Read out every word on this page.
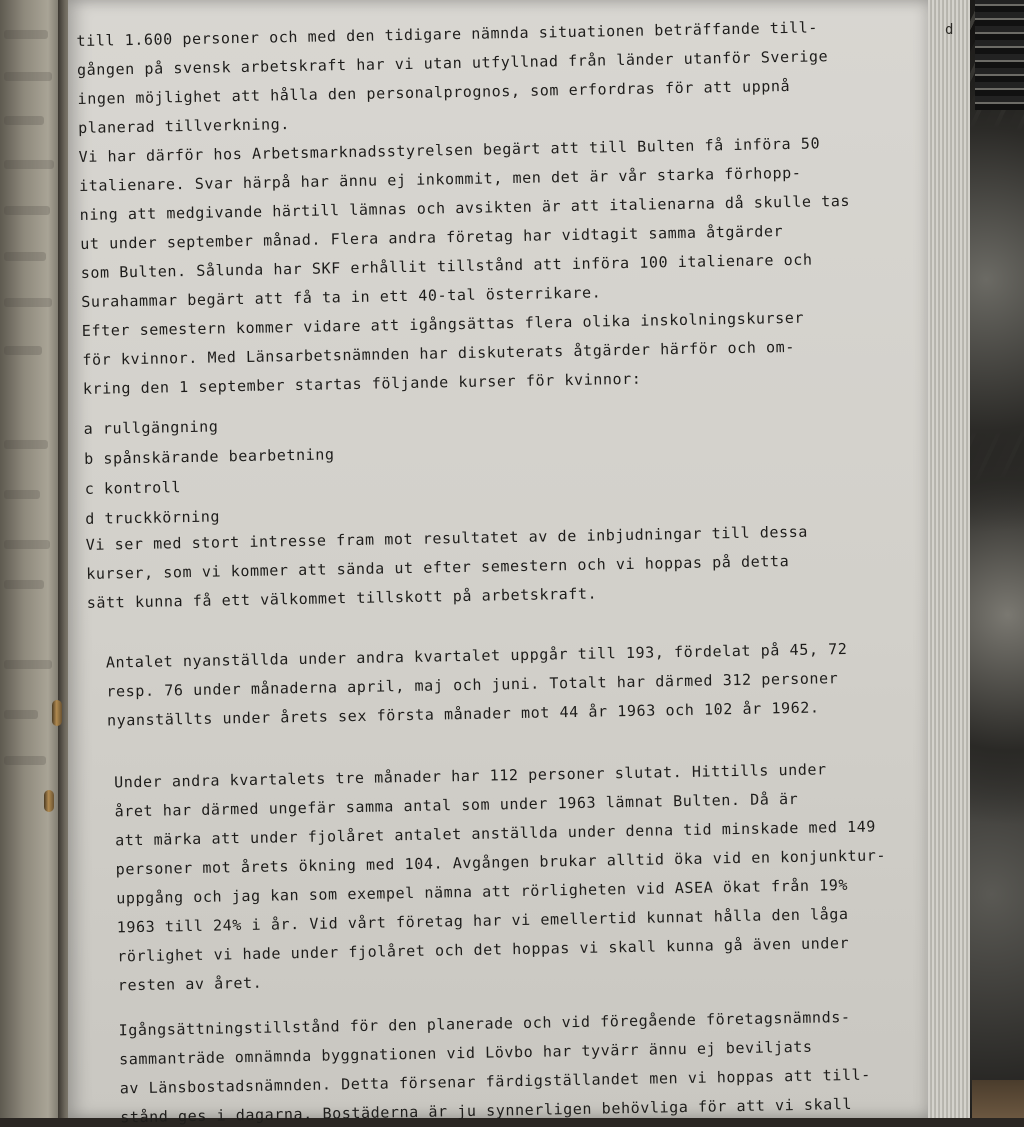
d
till 1.600 personer och med den tidigare nämnda situationen beträffande till-
gången på svensk arbetskraft har vi utan utfyllnad från länder utanför Sverige
ingen möjlighet att hålla den personalprognos, som erfordras för att uppnå
planerad tillverkning.
Vi har därför hos Arbetsmarknadsstyrelsen begärt att till Bulten få införa 50
italienare. Svar härpå har ännu ej inkommit, men det är vår starka förhopp-
ning att medgivande härtill lämnas och avsikten är att italienarna då skulle tas
ut under september månad. Flera andra företag har vidtagit samma åtgärder
som Bulten. Sålunda har SKF erhållit tillstånd att införa 100 italienare och
Surahammar begärt att få ta in ett 40-tal österrikare.
Efter semestern kommer vidare att igångsättas flera olika inskolningskurser
för kvinnor. Med Länsarbetsnämnden har diskuterats åtgärder härför och om-
kring den 1 september startas följande kurser för kvinnor:
a rullgängning
b spånskärande bearbetning
c kontroll
d truckkörning
Vi ser med stort intresse fram mot resultatet av de inbjudningar till dessa
kurser, som vi kommer att sända ut efter semestern och vi hoppas på detta
sätt kunna få ett välkommet tillskott på arbetskraft.
Antalet nyanställda under andra kvartalet uppgår till 193, fördelat på 45, 72
resp. 76 under månaderna april, maj och juni. Totalt har därmed 312 personer
nyanställts under årets sex första månader mot 44 år 1963 och 102 år 1962.
Under andra kvartalets tre månader har 112 personer slutat. Hittills under
året har därmed ungefär samma antal som under 1963 lämnat Bulten. Då är
att märka att under fjolåret antalet anställda under denna tid minskade med 149
personer mot årets ökning med 104. Avgången brukar alltid öka vid en konjunktur-
uppgång och jag kan som exempel nämna att rörligheten vid ASEA ökat från 19%
1963 till 24% i år. Vid vårt företag har vi emellertid kunnat hålla den låga
rörlighet vi hade under fjolåret och det hoppas vi skall kunna gå även under
resten av året.
Igångsättningstillstånd för den planerade och vid föregående företagsnämnds-
sammanträde omnämnda byggnationen vid Lövbo har tyvärr ännu ej beviljats
av Länsbostadsnämnden. Detta försenar färdigställandet men vi hoppas att till-
stånd ges i dagarna. Bostäderna är ju synnerligen behövliga för att vi skall
